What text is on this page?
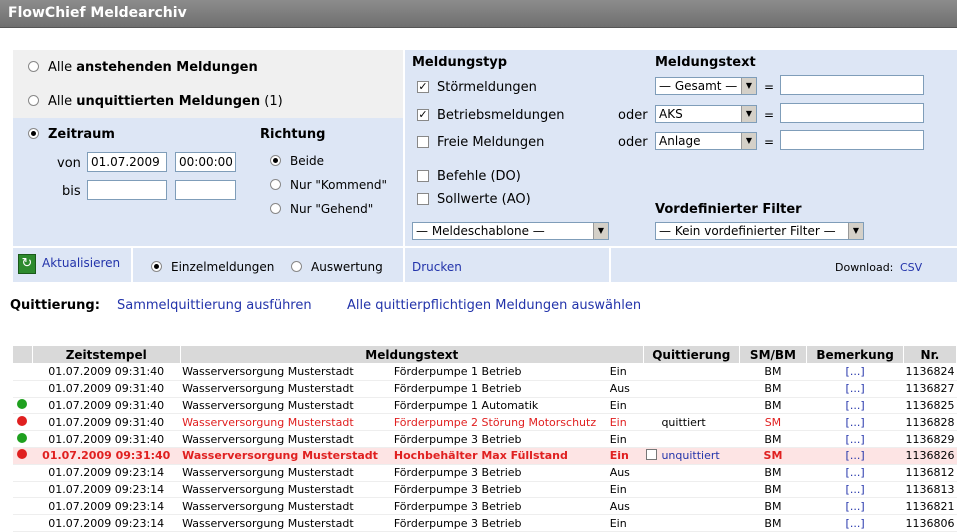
FlowChief Meldearchiv
Alle anstehenden Meldungen
Alle unquittierten Meldungen (1)
Zeitraum
von 01.07.2009	00:00:00
bis
Richtung
Beide
Nur "Kommend"
Nur "Gehend"
↻ Aktualisieren	Einzelmeldungen	Auswertung
Meldungstyp
✓ Störmeldungen
✓ Betriebsmeldungen
Freie Meldungen
Befehle (DO)
Sollwerte (AO)
— Meldeschablone —	▼
Drucken
Meldungstext
— Gesamt —	▼ =
oder AKS	▼ =
oder Anlage	▼ =
Vordefinierter Filter
— Kein vordefinierter Filter —	▼
Download: CSV
Quittierung: Sammelquittierung ausführen	Alle quittierpflichtigen Meldungen auswählen
	Zeitstempel	Meldungstext			Quittierung		SM/BM	Bemerkung	Nr.
	01.07.2009 09:31:40	Wasserversorgung Musterstadt	Förderpumpe 1 Betrieb	Ein			BM	[...]	1136824
	01.07.2009 09:31:40	Wasserversorgung Musterstadt	Förderpumpe 1 Betrieb	Aus			BM	[...]	1136827
	01.07.2009 09:31:40	Wasserversorgung Musterstadt	Förderpumpe 1 Automatik	Ein			BM	[...]	1136825
	01.07.2009 09:31:40	Wasserversorgung Musterstadt	Förderpumpe 2 Störung Motorschutz	Ein		quittiert	SM	[...]	1136828
	01.07.2009 09:31:40	Wasserversorgung Musterstadt	Förderpumpe 3 Betrieb	Ein			BM	[...]	1136829
	01.07.2009 09:31:40	Wasserversorgung Musterstadt	Hochbehälter Max Füllstand	Ein		unquittiert	SM	[...]	1136826
	01.07.2009 09:23:14	Wasserversorgung Musterstadt	Förderpumpe 3 Betrieb	Aus			BM	[...]	1136812
	01.07.2009 09:23:14	Wasserversorgung Musterstadt	Förderpumpe 3 Betrieb	Ein			BM	[...]	1136813
	01.07.2009 09:23:14	Wasserversorgung Musterstadt	Förderpumpe 3 Betrieb	Aus			BM	[...]	1136821
	01.07.2009 09:23:14	Wasserversorgung Musterstadt	Förderpumpe 3 Betrieb	Ein			BM	[...]	1136806
